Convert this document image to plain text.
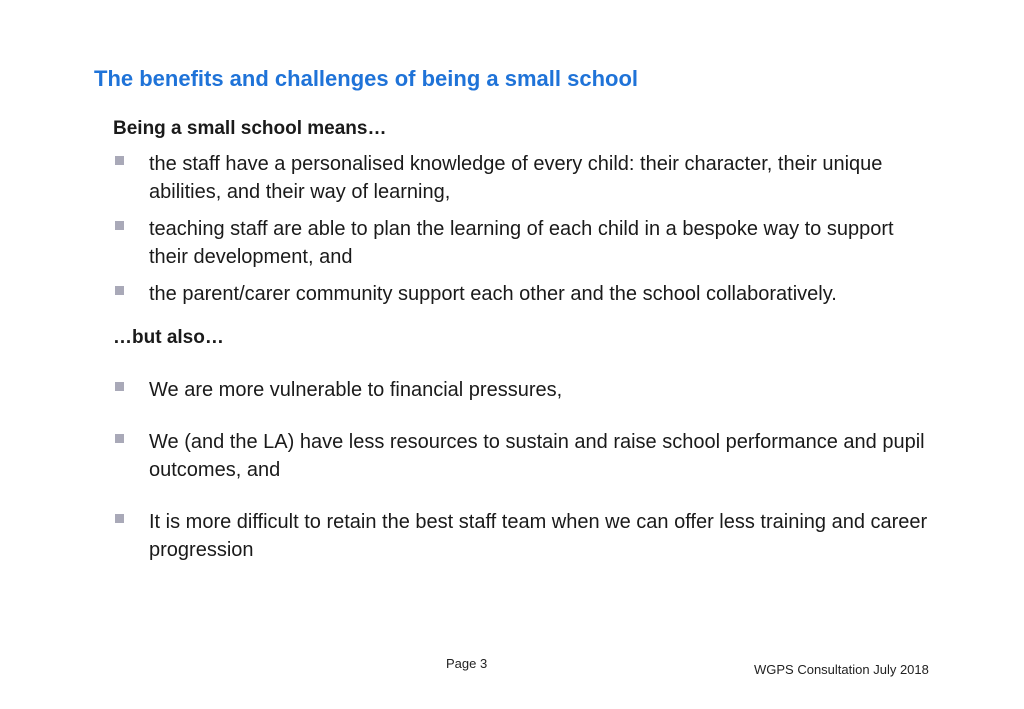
The benefits and challenges of being a small school
Being a small school means…
the staff have a personalised knowledge of every child: their character, their unique abilities, and their way of learning,
teaching staff are able to plan the learning of each child in a bespoke way to support their development, and
the parent/carer community support each other and the school collaboratively.
…but also…
We are more vulnerable to financial pressures,
We (and the LA) have less resources to sustain and raise school performance and pupil outcomes, and
It is more difficult to retain the best staff team when we can offer less training and career progression
Page 3	WGPS Consultation July 2018
